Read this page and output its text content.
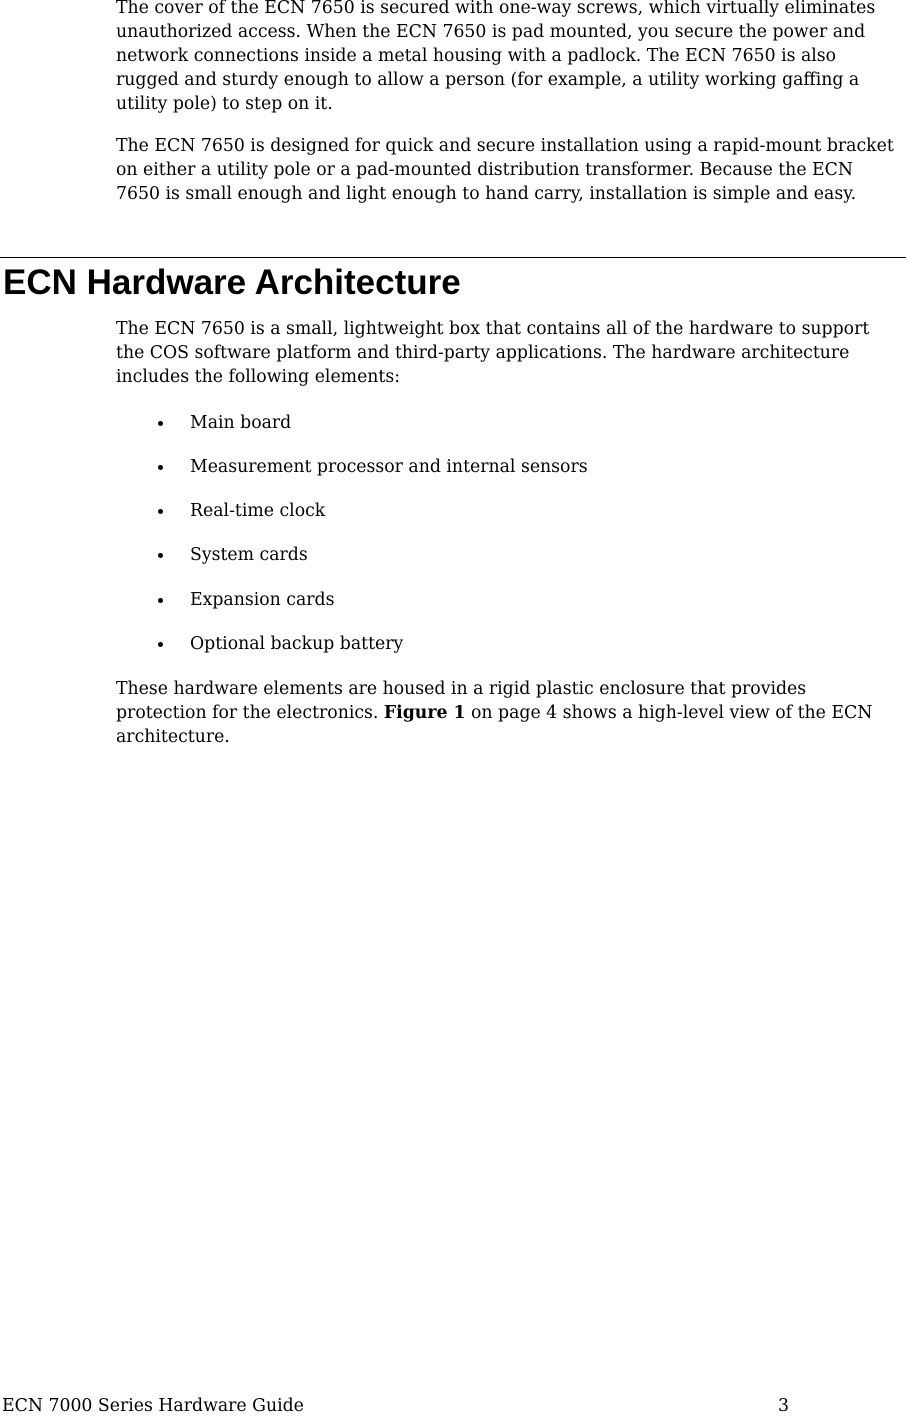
The cover of the ECN 7650 is secured with one-way screws, which virtually eliminates unauthorized access. When the ECN 7650 is pad mounted, you secure the power and network connections inside a metal housing with a padlock. The ECN 7650 is also rugged and sturdy enough to allow a person (for example, a utility working gaffing a utility pole) to step on it.

The ECN 7650 is designed for quick and secure installation using a rapid-mount bracket on either a utility pole or a pad-mounted distribution transformer. Because the ECN 7650 is small enough and light enough to hand carry, installation is simple and easy.

ECN Hardware Architecture

The ECN 7650 is a small, lightweight box that contains all of the hardware to support the COS software platform and third-party applications. The hardware architecture includes the following elements:

Main board
Measurement processor and internal sensors
Real-time clock
System cards
Expansion cards
Optional backup battery

These hardware elements are housed in a rigid plastic enclosure that provides protection for the electronics. Figure 1 on page 4 shows a high-level view of the ECN architecture.

ECN 7000 Series Hardware Guide	3
